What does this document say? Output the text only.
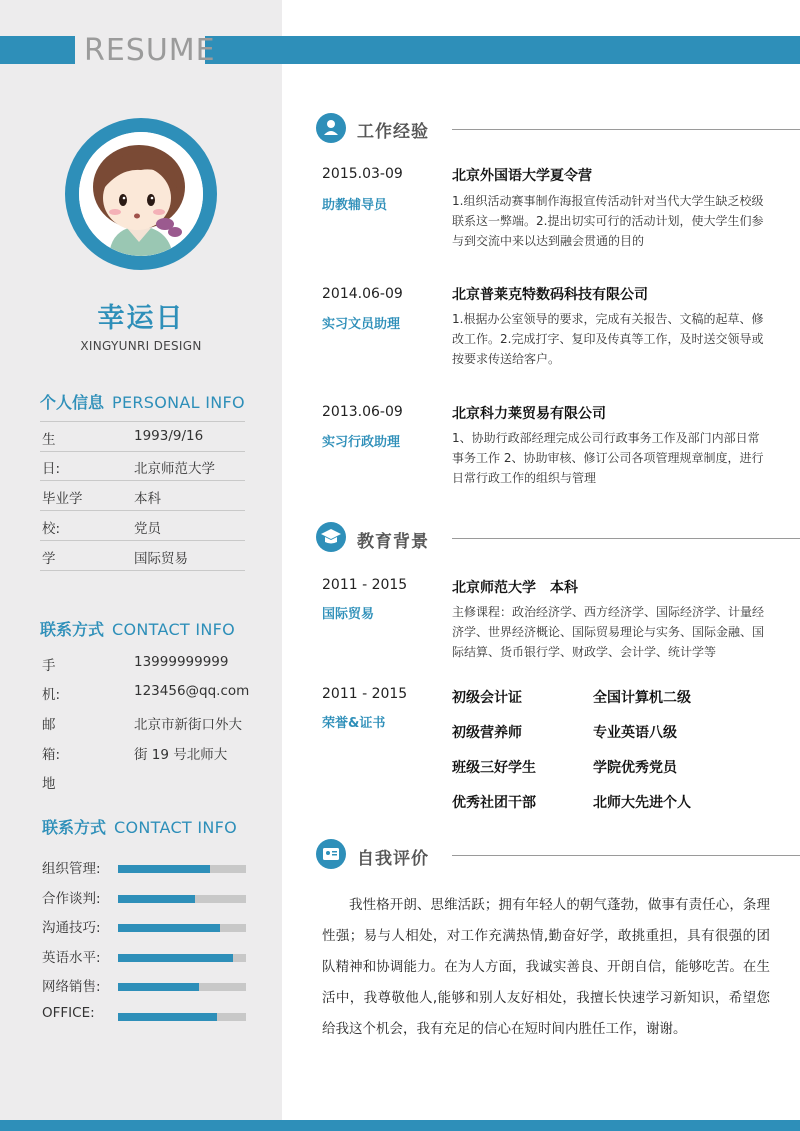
RESUME
幸运日
XINGYUNRI DESIGN
个人信息 PERSONAL INFO
生	1993/9/16
日:	北京师范大学
毕业学	本科
校:	党员
学	国际贸易
联系方式 CONTACT INFO
手	13999999999
机:	123456@qq.com
邮	北京市新街口外大
箱:	街 19 号北师大
地
联系方式 CONTACT INFO
组织管理:
合作谈判:
沟通技巧:
英语水平:
网络销售:
OFFICE:
工作经验
2015.03-09
助教辅导员
北京外国语大学夏令营
1.组织活动赛事制作海报宣传活动针对当代大学生缺乏校级联系这一弊端。2.提出切实可行的活动计划，使大学生们参与到交流中来以达到融会贯通的目的
2014.06-09
实习文员助理
北京普莱克特数码科技有限公司
1.根据办公室领导的要求，完成有关报告、文稿的起草、修改工作。2.完成打字、复印及传真等工作，及时送交领导或按要求传送给客户。
2013.06-09
实习行政助理
北京科力莱贸易有限公司
1、协助行政部经理完成公司行政事务工作及部门内部日常事务工作 2、协助审核、修订公司各项管理规章制度，进行日常行政工作的组织与管理
教育背景
2011 - 2015
国际贸易
北京师范大学　本科
主修课程：政治经济学、西方经济学、国际经济学、计量经济学、世界经济概论、国际贸易理论与实务、国际金融、国际结算、货币银行学、财政学、会计学、统计学等
2011 - 2015
荣誉&证书
初级会计证	全国计算机二级
初级营养师	专业英语八级
班级三好学生	学院优秀党员
优秀社团干部	北师大先进个人
自我评价
我性格开朗、思维活跃；拥有年轻人的朝气蓬勃，做事有责任心，条理性强；易与人相处，对工作充满热情,勤奋好学，敢挑重担，具有很强的团队精神和协调能力。在为人方面，我诚实善良、开朗自信，能够吃苦。在生活中，我尊敬他人,能够和别人友好相处，我擅长快速学习新知识，希望您给我这个机会，我有充足的信心在短时间内胜任工作，谢谢。
